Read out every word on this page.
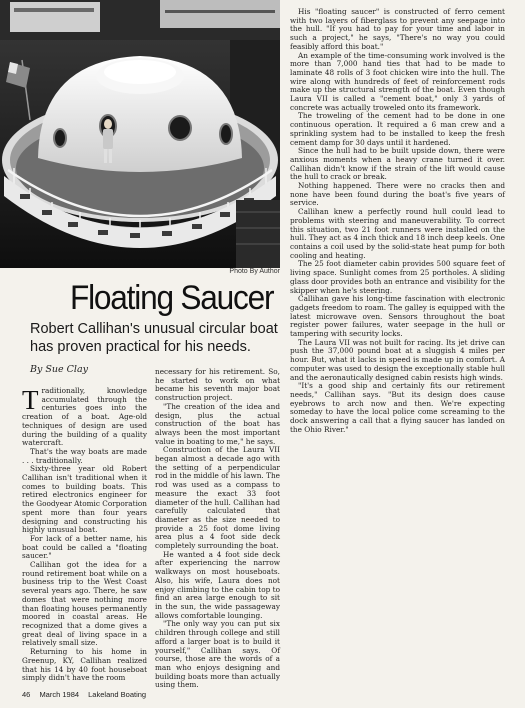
Photo By Author
Floating Saucer
Robert Callihan's unusual circular boat has proven practical for his needs.
By Sue Clay

Traditionally, knowledge accumulated through the centuries goes into the creation of a boat. Age-old techniques of design are used during the building of a quality watercraft.

That's the way boats are made . . . traditionally.

Sixty-three year old Robert Callihan isn't traditional when it comes to building boats. This retired electronics engineer for the Goodyear Atomic Corporation spent more than four years designing and constructing his highly unusual boat.

For lack of a better name, his boat could be called a "floating saucer."

Callihan got the idea for a round retirement boat while on a business trip to the West Coast several years ago. There, he saw domes that were nothing more than floating houses permanently moored in coastal areas. He recognized that a dome gives a great deal of living space in a relatively small size.

Returning to his home in Greenup, KY, Callihan realized that his 14 by 40 foot houseboat simply didn't have the room

necessary for his retirement. So, he started to work on what became his seventh major boat construction project.

"The creation of the idea and design, plus the actual construction of the boat has always been the most important value in boating to me," he says.

Construction of the Laura VII began almost a decade ago with the setting of a perpendicular rod in the middle of his lawn. The rod was used as a compass to measure the exact 33 foot diameter of the hull. Callihan had carefully calculated that diameter as the size needed to provide a 25 foot dome living area plus a 4 foot side deck completely surrounding the boat.

He wanted a 4 foot side deck after experiencing the narrow walkways on most houseboats. Also, his wife, Laura does not enjoy climbing to the cabin top to find an area large enough to sit in the sun, the wide passageway allows comfortable lounging.

"The only way you can put six children through college and still afford a larger boat is to build it yourself," Callihan says. Of course, those are the words of a man who enjoys designing and building boats more than actually using them.

His "floating saucer" is constructed of ferro cement with two layers of fiberglass to prevent any seepage into the hull. "If you had to pay for your time and labor in such a project," he says, "There's no way you could feasibly afford this boat."

An example of the time-consuming work involved is the more than 7,000 hand ties that had to be made to laminate 48 rolls of 3 foot chicken wire into the hull. The wire along with hundreds of feet of reinforcement rods make up the structural strength of the boat. Even though Laura VII is called a "cement boat," only 3 yards of concrete was actually troweled onto its framework.

The troweling of the cement had to be done in one continuous operation. It required a 6 man crew and a sprinkling system had to be installed to keep the fresh cement damp for 30 days until it hardened.

Since the hull had to be built upside down, there were anxious moments when a heavy crane turned it over. Callihan didn't know if the strain of the lift would cause the hull to crack or break.

Nothing happened. There were no cracks then and none have been found during the boat's five years of service.

Callihan knew a perfectly round hull could lead to problems with steering and maneuverability. To correct this situation, two 21 foot runners were installed on the hull. They act as 4 inch thick and 18 inch deep keels. One contains a coil used by the solid-state heat pump for both cooling and heating.

The 25 foot diameter cabin provides 500 square feet of living space. Sunlight comes from 25 portholes. A sliding glass door provides both an entrance and visibility for the skipper when he's steering.

Callihan gave his long-time fascination with electronic gadgets freedom to roam. The galley is equipped with the latest microwave oven. Sensors throughout the boat register power failures, water seepage in the hull or tampering with security locks.

The Laura VII was not built for racing. Its jet drive can push the 37,000 pound boat at a sluggish 4 miles per hour. But, what it lacks in speed is made up in comfort. A computer was used to design the exceptionally stable hull and the aeronautically designed cabin resists high winds.

"It's a good ship and certainly fits our retirement needs," Callihan says. "But its design does cause eyebrows to arch now and then. We're expecting someday to have the local police come screaming to the dock answering a call that a flying saucer has landed on the Ohio River."

46 March 1984 Lakeland Boating
